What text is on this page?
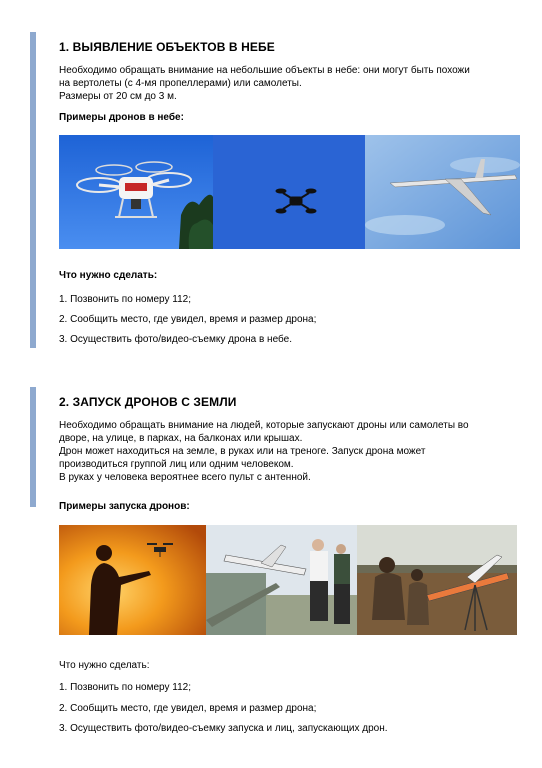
1. ВЫЯВЛЕНИЕ ОБЪЕКТОВ В НЕБЕ

Необходимо обращать внимание на небольшие объекты в небе: они могут быть похожи

на вертолеты (с 4-мя пропеллерами) или самолеты.

Размеры от 20 см до 3 м.

Примеры дронов в небе:

Что нужно сделать:

1. Позвонить по номеру 112;

2. Сообщить место, где увидел, время и размер дрона;

3. Осуществить фото/видео-съемку дрона в небе.

2. ЗАПУСК ДРОНОВ С ЗЕМЛИ

Необходимо обращать внимание на людей, которые запускают дроны или самолеты во

дворе, на улице, в парках, на балконах или крышах.

Дрон может находиться на земле, в руках или на треноге. Запуск дрона может

производиться группой лиц или одним человеком.

В руках у человека вероятнее всего пульт с антенной.

Примеры запуска дронов:

Что нужно сделать:

1. Позвонить по номеру 112;

2. Сообщить место, где увидел, время и размер дрона;

3. Осуществить фото/видео-съемку запуска и лиц, запускающих дрон.
